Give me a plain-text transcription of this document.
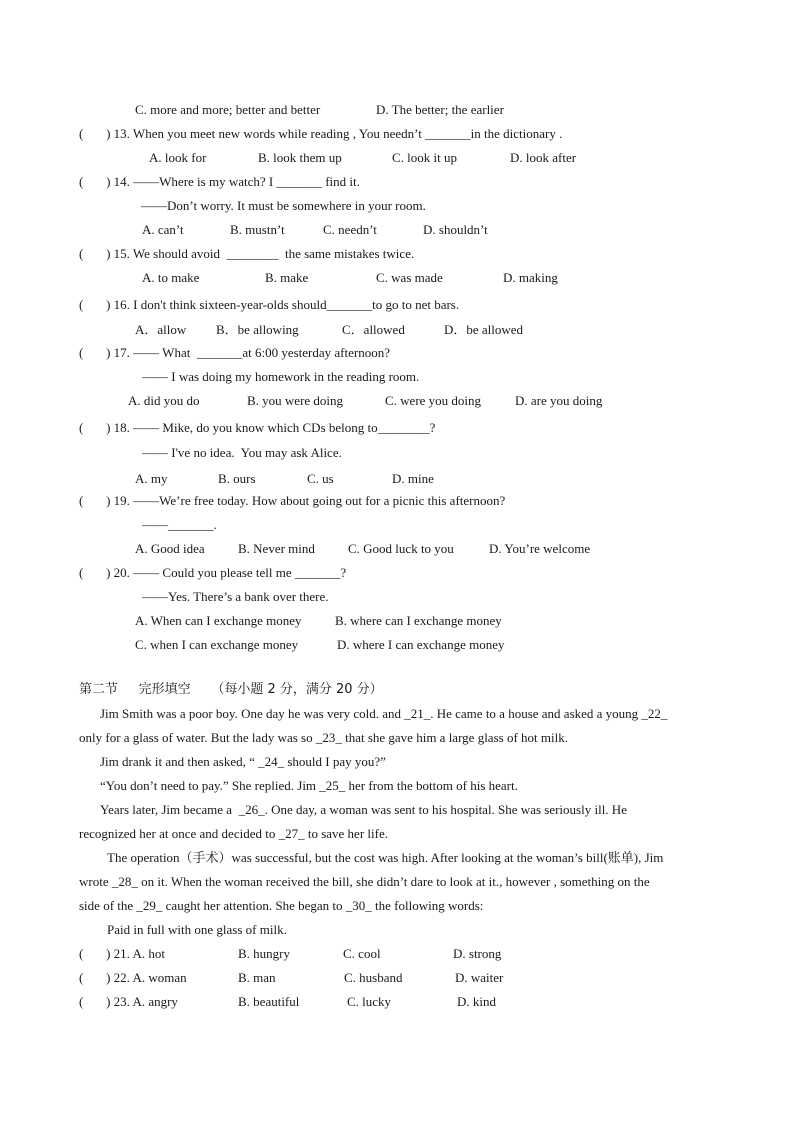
C. more and more; better and better	D. The better; the earlier
(       ) 13. When you meet new words while reading , You needn’t _______in the dictionary .
A. look for	B. look them up	C. look it up	D. look after
(       ) 14. ——Where is my watch? I _______ find it.
——Don’t worry. It must be somewhere in your room.
A. can’t	B. mustn’t	C. needn’t	D. shouldn’t
(       ) 15. We should avoid  ________  the same mistakes twice.
A. to make	B. make	C. was made	D. making
(       ) 16. I don't think sixteen-year-olds should_______to go to net bars.
A．allow B．be allowing	C．allowed	D．be allowed
(       ) 17. —— What  _______at 6:00 yesterday afternoon?
—— I was doing my homework in the reading room.
A. did you do	B. you were doing	C. were you doing	D. are you doing
(       ) 18. —— Mike, do you know which CDs belong to________?
—— I've no idea.  You may ask Alice.
A. my	B. ours	C. us	D. mine
(       ) 19. ——We’re free today. How about going out for a picnic this afternoon?
——_______.
A. Good idea	B. Never mind	C. Good luck to you	D. You’re welcome
(       ) 20. —— Could you please tell me _______?
——Yes. There’s a bank over there.
A. When can I exchange money	B. where can I exchange money
C. when I can exchange money	D. where I can exchange money
第二节     完形填空     （每小题 2 分，满分 20 分）
Jim Smith was a poor boy. One day he was very cold. and _21_. He came to a house and asked a young _22_
only for a glass of water. But the lady was so _23_ that she gave him a large glass of hot milk.
Jim drank it and then asked, “ _24_ should I pay you?”
“You don’t need to pay.” She replied. Jim _25_ her from the bottom of his heart.
Years later, Jim became a  _26_. One day, a woman was sent to his hospital. She was seriously ill. He
recognized her at once and decided to _27_ to save her life.
The operation（手术）was successful, but the cost was high. After looking at the woman’s bill(账单), Jim
wrote _28_ on it. When the woman received the bill, she didn’t dare to look at it., however , something on the
side of the _29_ caught her attention. She began to _30_ the following words:
Paid in full with one glass of milk.
(       ) 21. A. hot	B. hungry	C. cool	D. strong
(       ) 22. A. woman	B. man	C. husband	D. waiter
(       ) 23. A. angry	B. beautiful	C. lucky	D. kind
